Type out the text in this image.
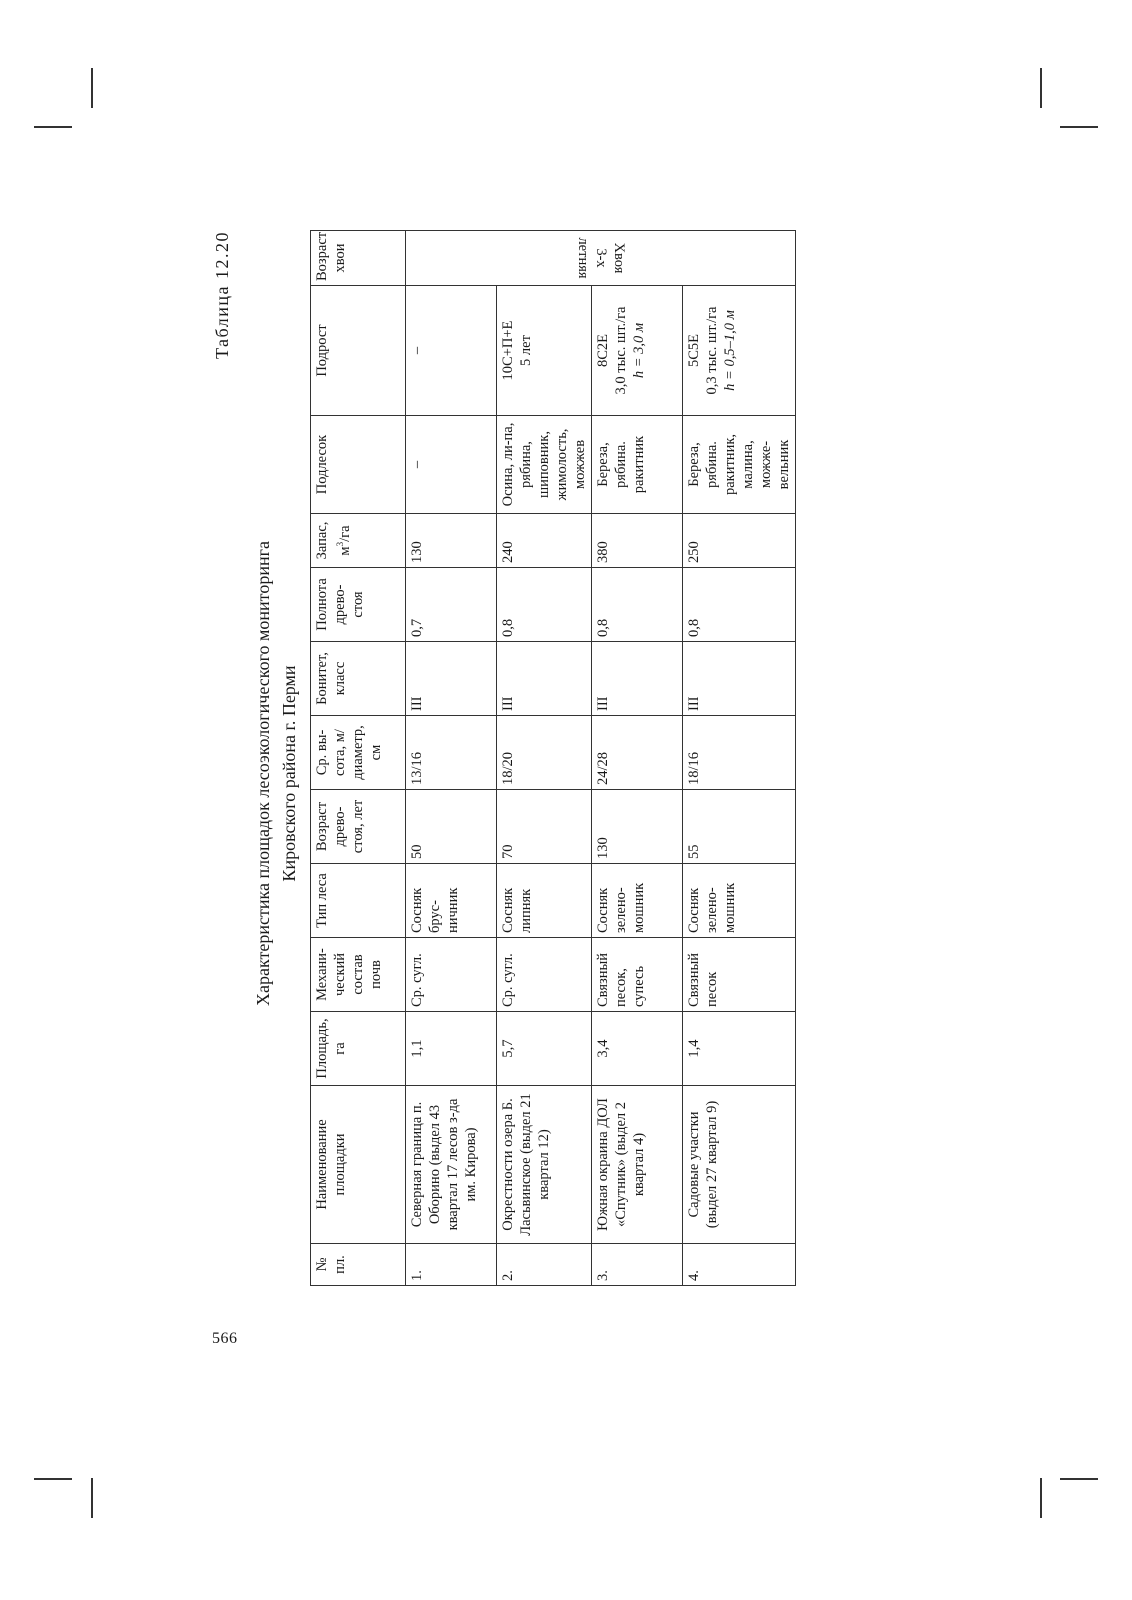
566
Таблица 12.20
Характеристика площадок лесоэкологического мониторинга Кировского района г. Перми
№ пл.	Наименование площадки	Площадь, га	Механи-ческий состав почв	Тип леса	Возраст древо-стоя, лет	Ср. вы-сота, м/ диаметр, см	Бонитет, класс	Полнота древо-стоя	Запас, $м^3/га$	Подлесок	Подрост	Возраст хвои
1.	Северная граница п. Оборино (выдел 43 квартал 17 лесов з-да им. Кирова)	1,1	Ср. сугл.	Сосняк брус-ничник	50	13/16	III	0,7	130	–	–	Хвоя 3-х летняя
2.	Окрестности озера Б. Ласьвинское (выдел 21 квартал 12)	5,7	Ср. сугл.	Сосняк липняк	70	18/20	III	0,8	240	Осина, ли-па, рябина, шиповник, жимолость, можжев	10С+П+Е 5 лет	

3.	Южная окраина ДОЛ «Спутник» (выдел 2 квартал 4)	3,4	Связный песок, супесь	Сосняк зелено-мошник	130	24/28	III	0,8	380	Береза, рябина. ракитник	8С2Е 3,0 тыс. шт./га h = 3,0 м	

4.	Садовые участки (выдел 27 квартал 9)	1,4	Связный песок	Сосняк зелено-мошник	55	18/16	III	0,8	250	Береза, рябина. ракитник, малина, можже-вельник	5С5Е 0,3 тыс. шт./га h = 0,5–1,0 м	
